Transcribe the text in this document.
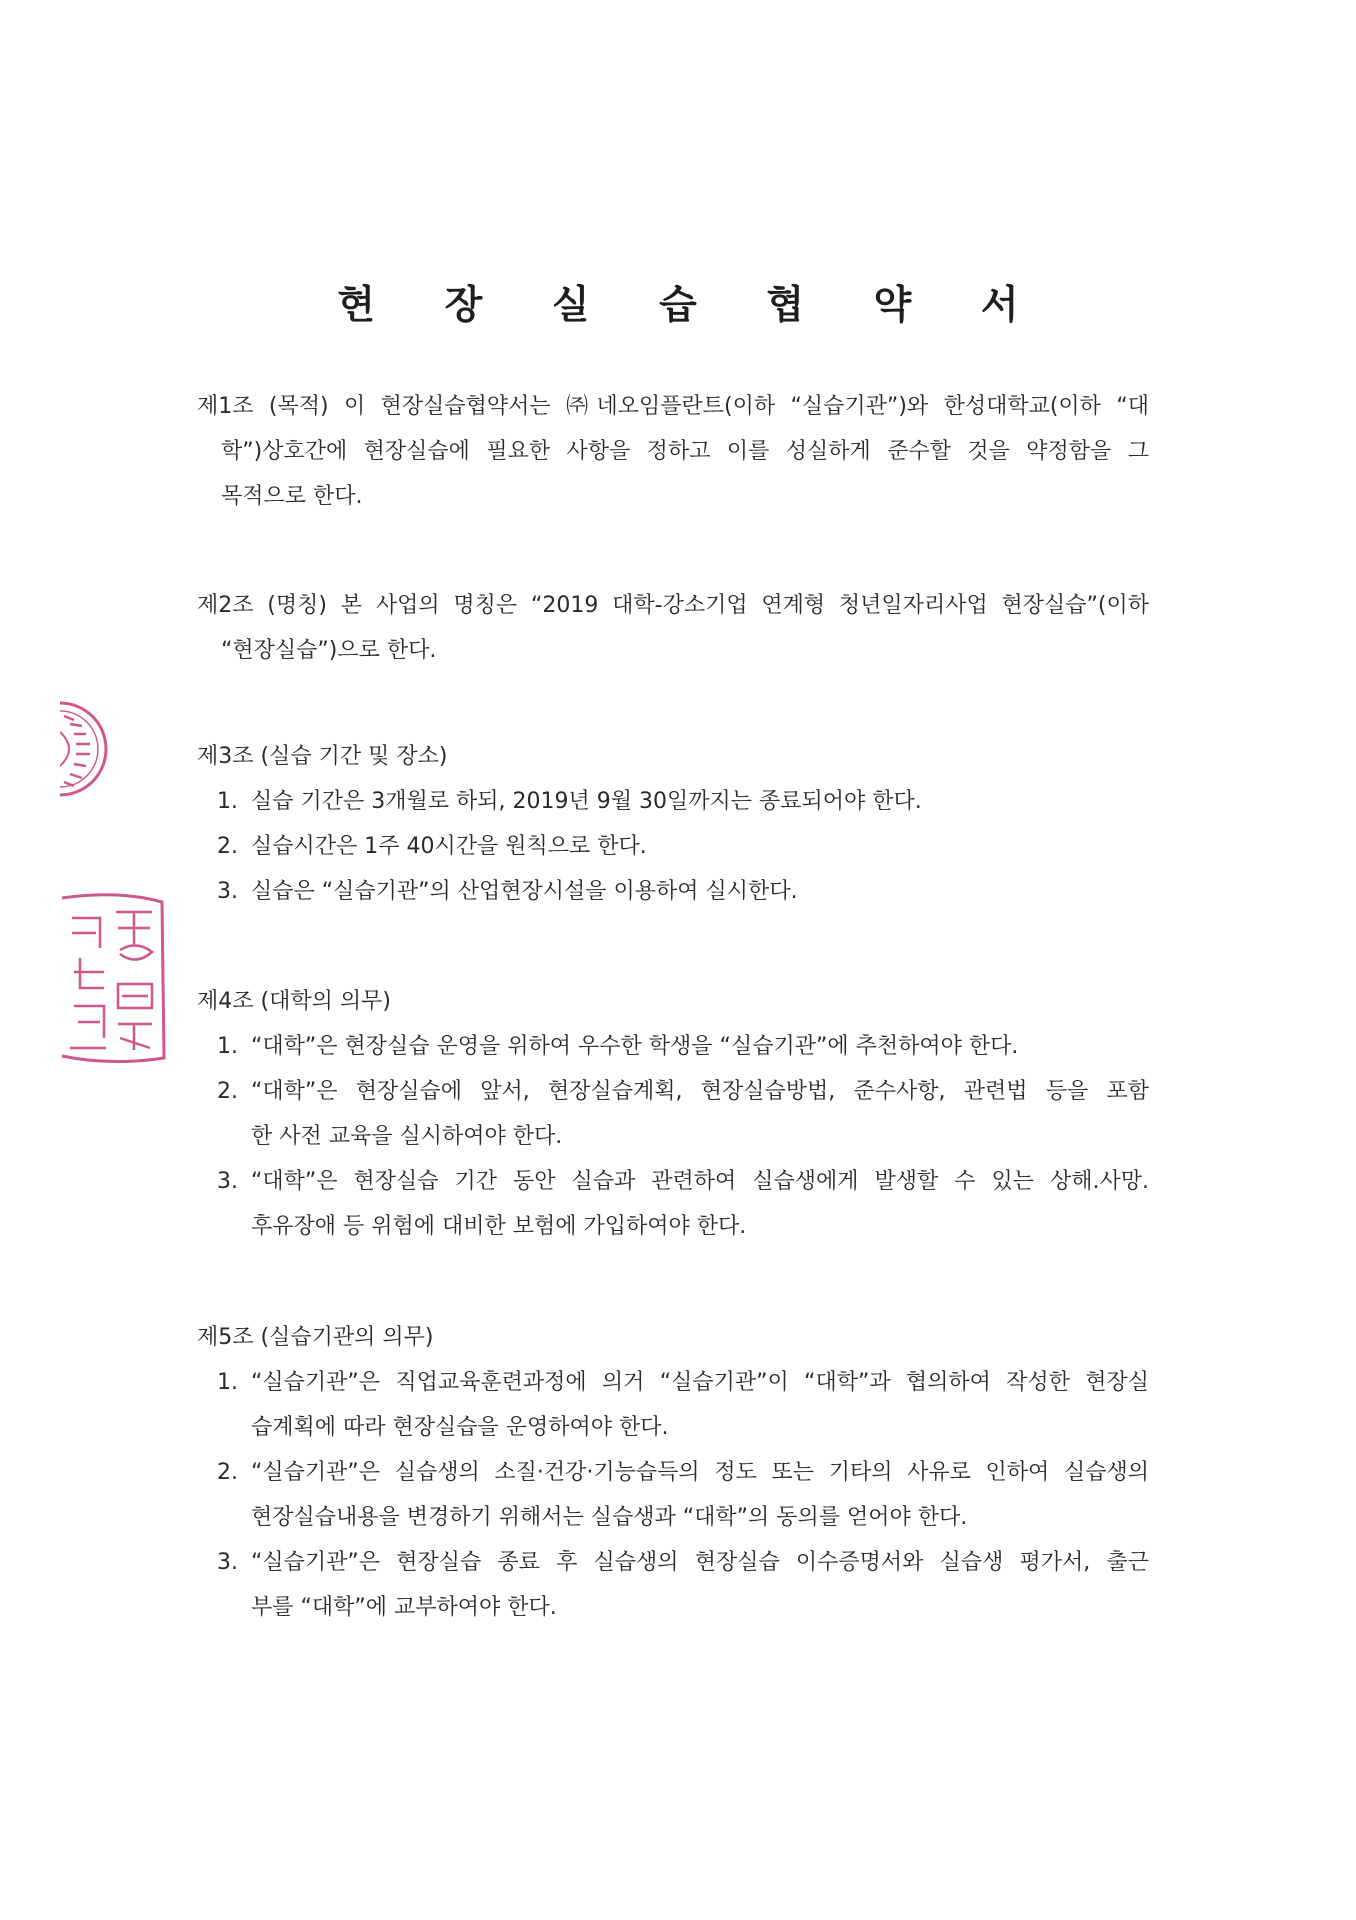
현 장 실 습 협 약 서
제1조 (목적) 이 현장실습협약서는 ㈜네오임플란트(이하 “실습기관”)와 한성대학교(이하 “대
학”)상호간에 현장실습에 필요한 사항을 정하고 이를 성실하게 준수할 것을 약정함을 그
목적으로 한다.
제2조 (명칭) 본 사업의 명칭은 “2019 대학-강소기업 연계형 청년일자리사업 현장실습”(이하
“현장실습”)으로 한다.
제3조 (실습 기간 및 장소)
1. 실습 기간은 3개월로 하되, 2019년 9월 30일까지는 종료되어야 한다.
2. 실습시간은 1주 40시간을 원칙으로 한다.
3. 실습은 “실습기관”의 산업현장시설을 이용하여 실시한다.
제4조 (대학의 의무)
1. “대학”은 현장실습 운영을 위하여 우수한 학생을 “실습기관”에 추천하여야 한다.
2. “대학”은 현장실습에 앞서, 현장실습계획, 현장실습방법, 준수사항, 관련법 등을 포함
한 사전 교육을 실시하여야 한다.
3. “대학”은 현장실습 기간 동안 실습과 관련하여 실습생에게 발생할 수 있는 상해.사망.
후유장애 등 위험에 대비한 보험에 가입하여야 한다.
제5조 (실습기관의 의무)
1. “실습기관”은 직업교육훈련과정에 의거 “실습기관”이 “대학”과 협의하여 작성한 현장실
습계획에 따라 현장실습을 운영하여야 한다.
2. “실습기관”은 실습생의 소질·건강·기능습득의 정도 또는 기타의 사유로 인하여 실습생의
현장실습내용을 변경하기 위해서는 실습생과 “대학”의 동의를 얻어야 한다.
3. “실습기관”은 현장실습 종료 후 실습생의 현장실습 이수증명서와 실습생 평가서, 출근
부를 “대학”에 교부하여야 한다.
